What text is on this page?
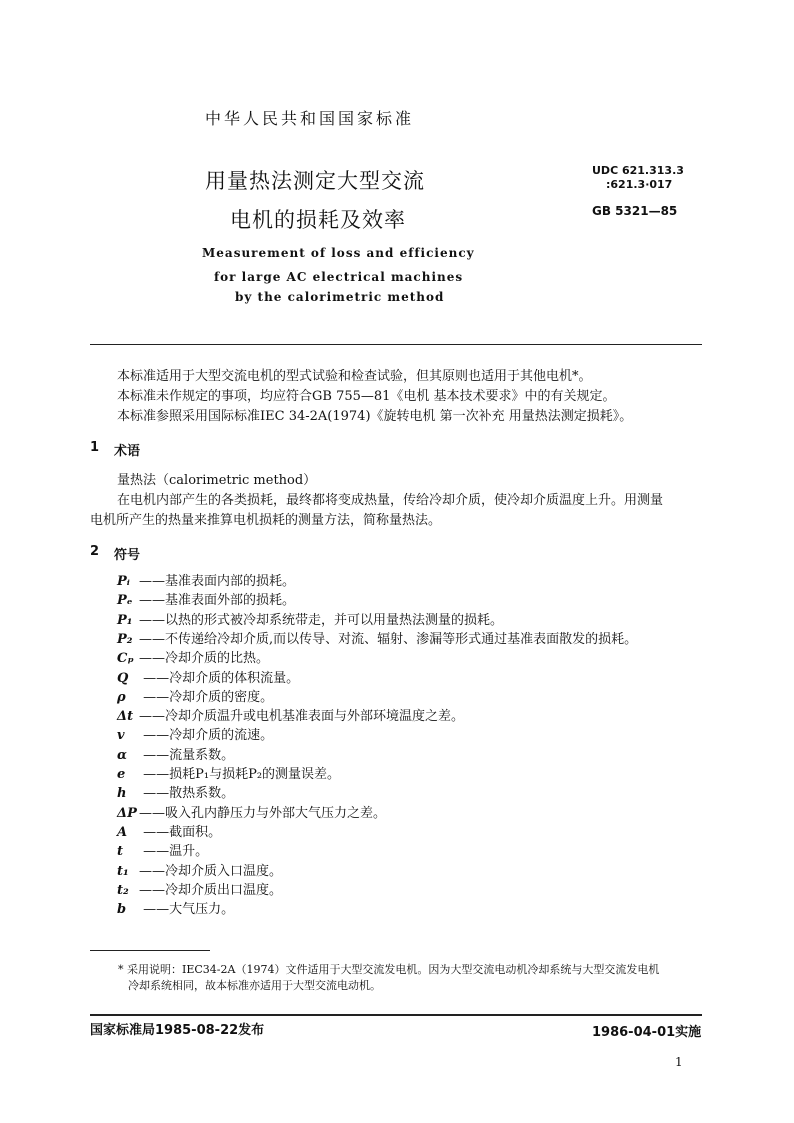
中华人民共和国国家标准
用量热法测定大型交流
电机的损耗及效率
UDC 621.313.3
:621.3·017
GB 5321—85
Measurement of loss and efficiency
for large AC electrical machines
by the calorimetric method
本标准适用于大型交流电机的型式试验和检查试验，但其原则也适用于其他电机*。
本标准未作规定的事项，均应符合GB 755—81《电机 基本技术要求》中的有关规定。
本标准参照采用国际标准IEC 34-2A(1974)《旋转电机 第一次补充 用量热法测定损耗》。
1 术语
量热法（calorimetric method）
在电机内部产生的各类损耗，最终都将变成热量，传给冷却介质，使冷却介质温度上升。用测量
电机所产生的热量来推算电机损耗的测量方法，简称量热法。
2 符号
Pᵢ ——基准表面内部的损耗。
Pₑ ——基准表面外部的损耗。
P₁ ——以热的形式被冷却系统带走，并可以用量热法测量的损耗。
P₂ ——不传递给冷却介质,而以传导、对流、辐射、渗漏等形式通过基准表面散发的损耗。
Cₚ ——冷却介质的比热。
Q ——冷却介质的体积流量。
ρ ——冷却介质的密度。
Δt ——冷却介质温升或电机基准表面与外部环境温度之差。
v ——冷却介质的流速。
α ——流量系数。
e ——损耗P₁与损耗P₂的测量误差。
h ——散热系数。
ΔP ——吸入孔内静压力与外部大气压力之差。
A ——截面积。
t ——温升。
t₁ ——冷却介质入口温度。
t₂ ——冷却介质出口温度。
b ——大气压力。
* 采用说明：IEC34-2A（1974）文件适用于大型交流发电机。因为大型交流电动机冷却系统与大型交流发电机
冷却系统相同，故本标准亦适用于大型交流电动机。
国家标准局1985-08-22发布	1986-04-01实施
1
